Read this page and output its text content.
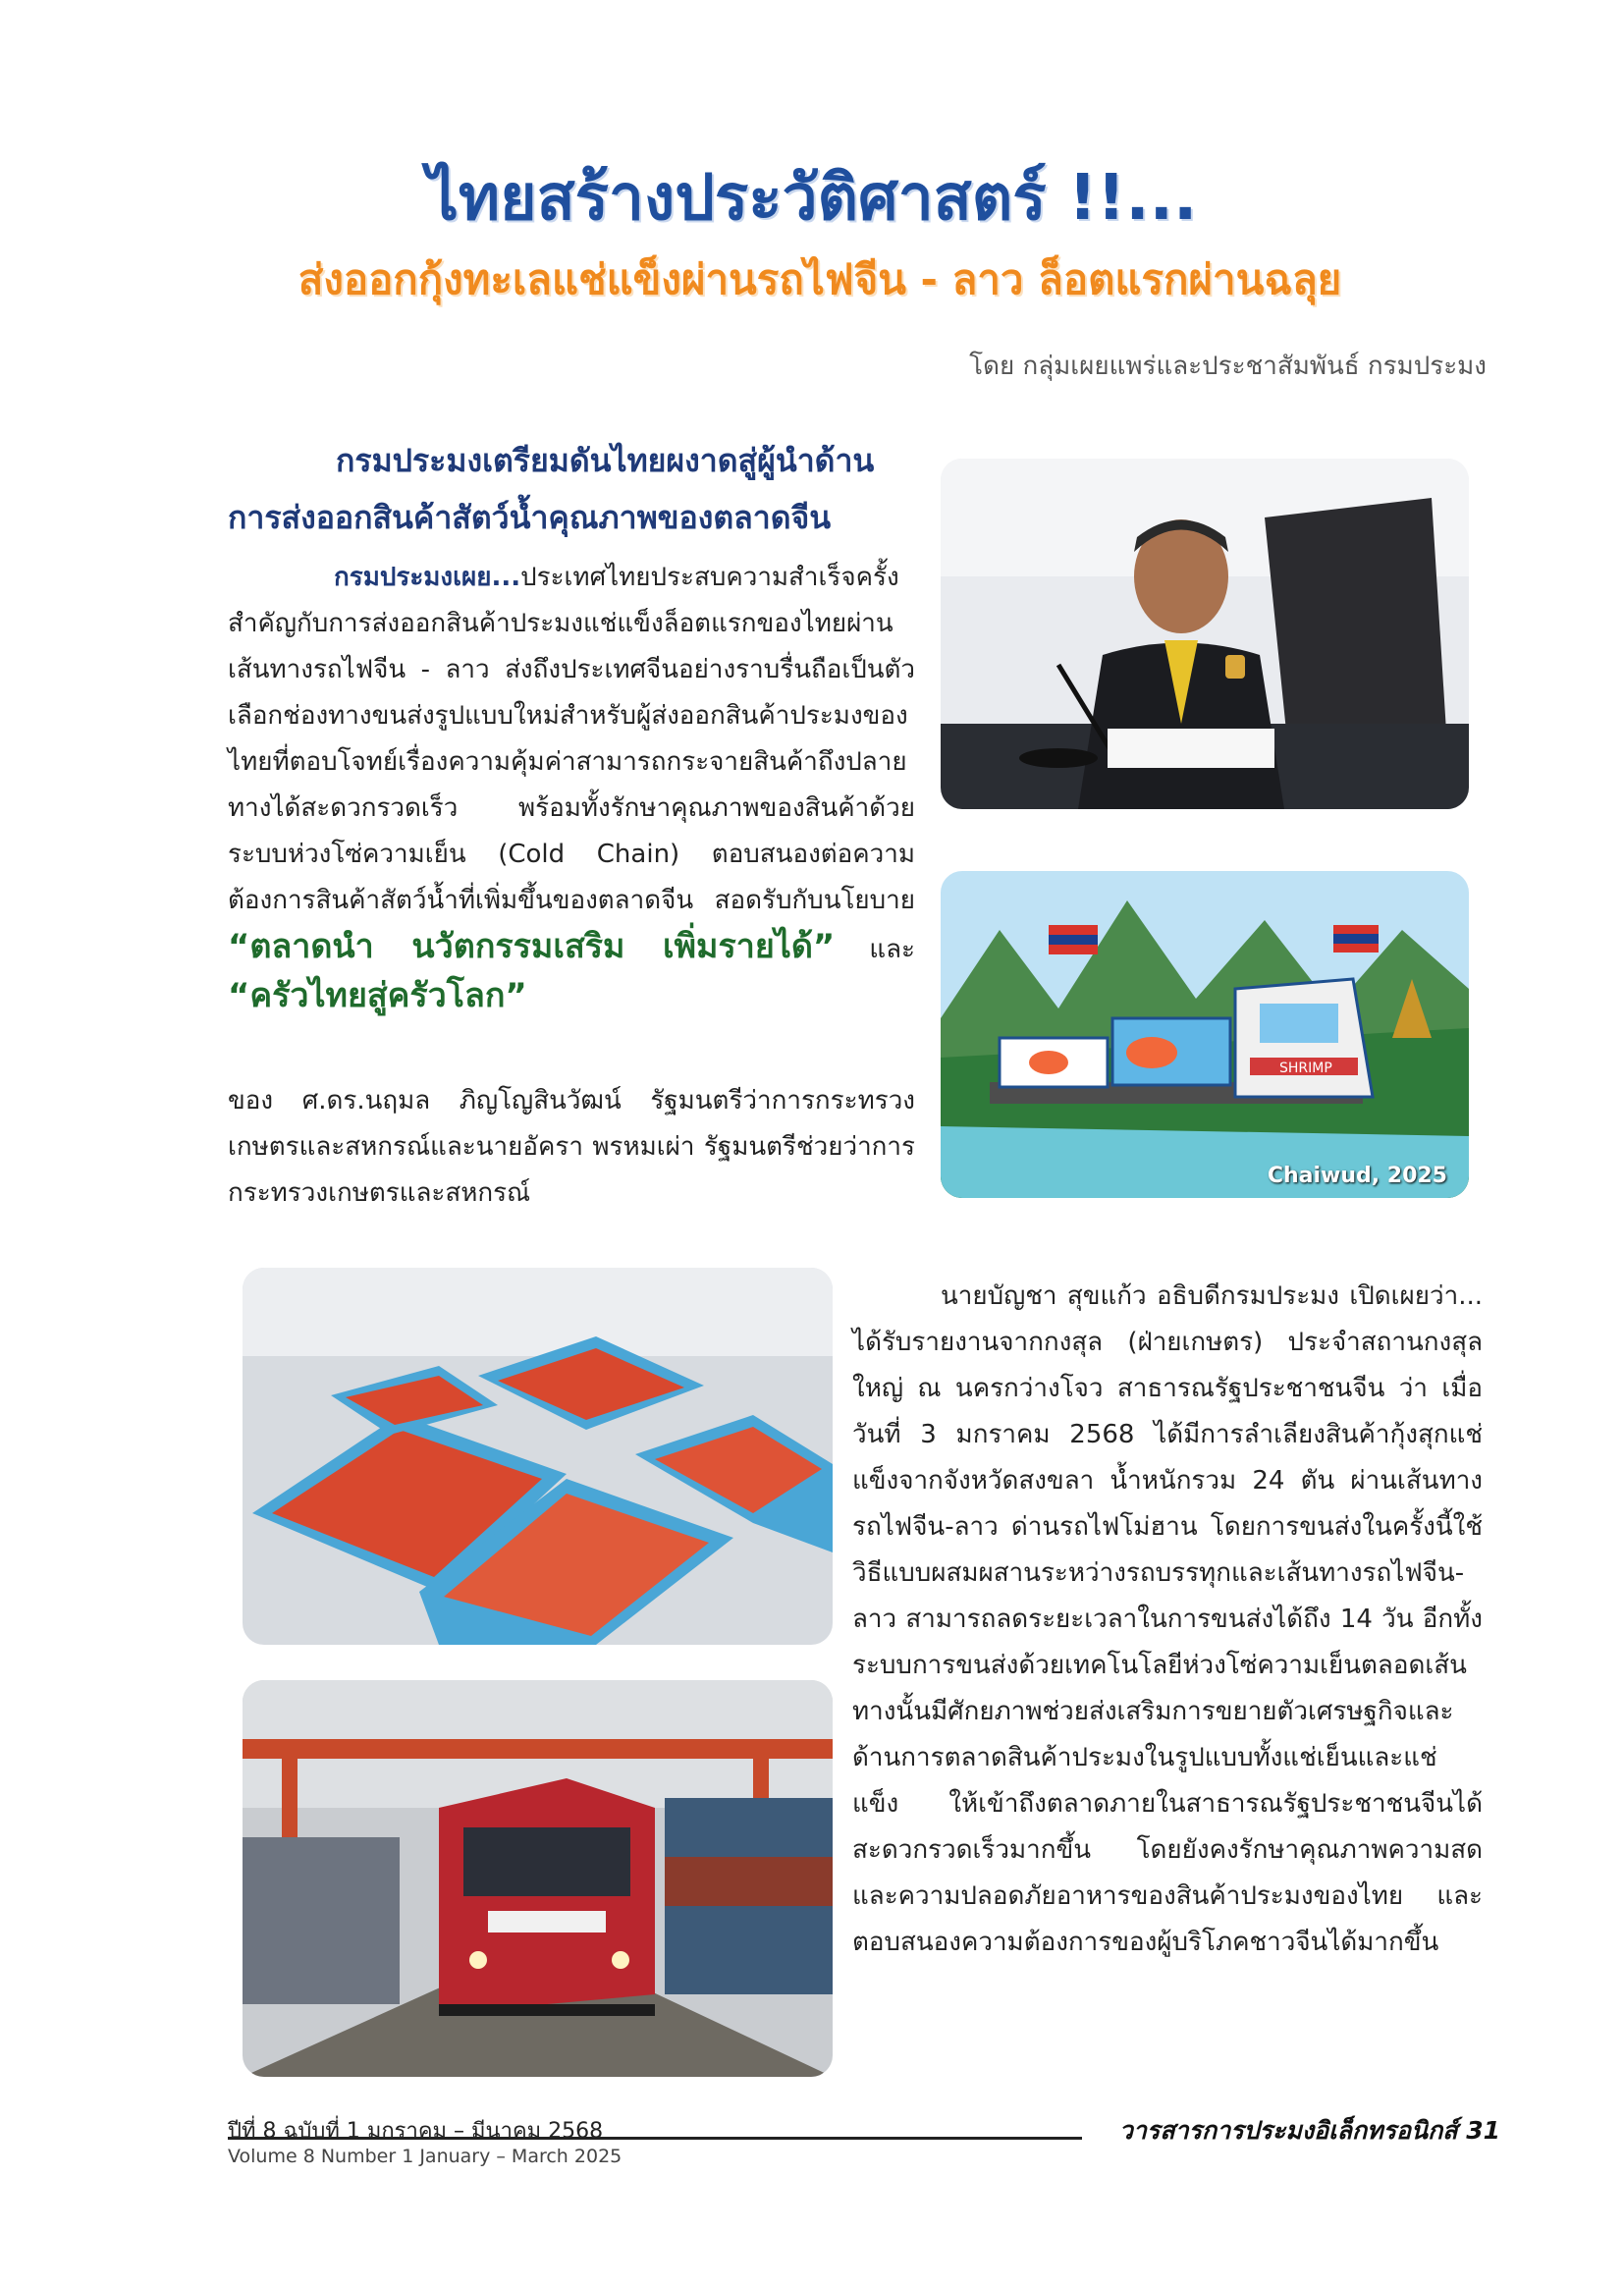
ไทยสร้างประวัติศาสตร์ !!...
ส่งออกกุ้งทะเลแช่แข็งผ่านรถไฟจีน - ลาว ล็อตแรกผ่านฉลุย
โดย กลุ่มเผยแพร่และประชาสัมพันธ์ กรมประมง
กรมประมงเตรียมดันไทยผงาดสู่ผู้นำด้าน
การส่งออกสินค้าสัตว์น้ำคุณภาพของตลาดจีน
กรมประมงเผย...ประเทศไทยประสบความสำเร็จครั้งสำคัญกับการส่งออกสินค้าประมงแช่แข็งล็อตแรกของไทยผ่านเส้นทางรถไฟจีน - ลาว ส่งถึงประเทศจีนอย่างราบรื่นถือเป็นตัวเลือกช่องทางขนส่งรูปแบบใหม่สำหรับผู้ส่งออกสินค้าประมงของไทยที่ตอบโจทย์เรื่องความคุ้มค่าสามารถกระจายสินค้าถึงปลายทางได้สะดวกรวดเร็ว พร้อมทั้งรักษาคุณภาพของสินค้าด้วยระบบห่วงโซ่ความเย็น (Cold Chain) ตอบสนองต่อความต้องการสินค้าสัตว์น้ำที่เพิ่มขึ้นของตลาดจีน สอดรับกับนโยบาย “ตลาดนำ นวัตกรรมเสริม เพิ่มรายได้” และ “ครัวไทยสู่ครัวโลก”
ของ ศ.ดร.นฤมล ภิญโญสินวัฒน์ รัฐมนตรีว่าการกระทรวงเกษตรและสหกรณ์และนายอัครา พรหมเผ่า รัฐมนตรีช่วยว่าการกระทรวงเกษตรและสหกรณ์
นายบัญชา สุขแก้ว อธิบดีกรมประมง เปิดเผยว่า... ได้รับรายงานจากกงสุล (ฝ่ายเกษตร) ประจำสถานกงสุลใหญ่ ณ นครกว่างโจว สาธารณรัฐประชาชนจีน ว่า เมื่อวันที่ 3 มกราคม 2568 ได้มีการลำเลียงสินค้ากุ้งสุกแช่แข็งจากจังหวัดสงขลา น้ำหนักรวม 24 ตัน ผ่านเส้นทางรถไฟจีน-ลาว ด่านรถไฟโม่ฮาน โดยการขนส่งในครั้งนี้ใช้วิธีแบบผสมผสานระหว่างรถบรรทุกและเส้นทางรถไฟจีน-ลาว สามารถลดระยะเวลาในการขนส่งได้ถึง 14 วัน อีกทั้งระบบการขนส่งด้วยเทคโนโลยีห่วงโซ่ความเย็นตลอดเส้นทางนั้นมีศักยภาพช่วยส่งเสริมการขยายตัวเศรษฐกิจและด้านการตลาดสินค้าประมงในรูปแบบทั้งแช่เย็นและแช่แข็ง ให้เข้าถึงตลาดภายในสาธารณรัฐประชาชนจีนได้สะดวกรวดเร็วมากขึ้น โดยยังคงรักษาคุณภาพความสดและความปลอดภัยอาหารของสินค้าประมงของไทย และตอบสนองความต้องการของผู้บริโภคชาวจีนได้มากขึ้น
SHRIMP
Chaiwud, 2025
ปีที่ 8 ฉบับที่ 1 มกราคม – มีนาคม 2568
Volume 8 Number 1 January – March 2025
วารสารการประมงอิเล็กทรอนิกส์ 31
